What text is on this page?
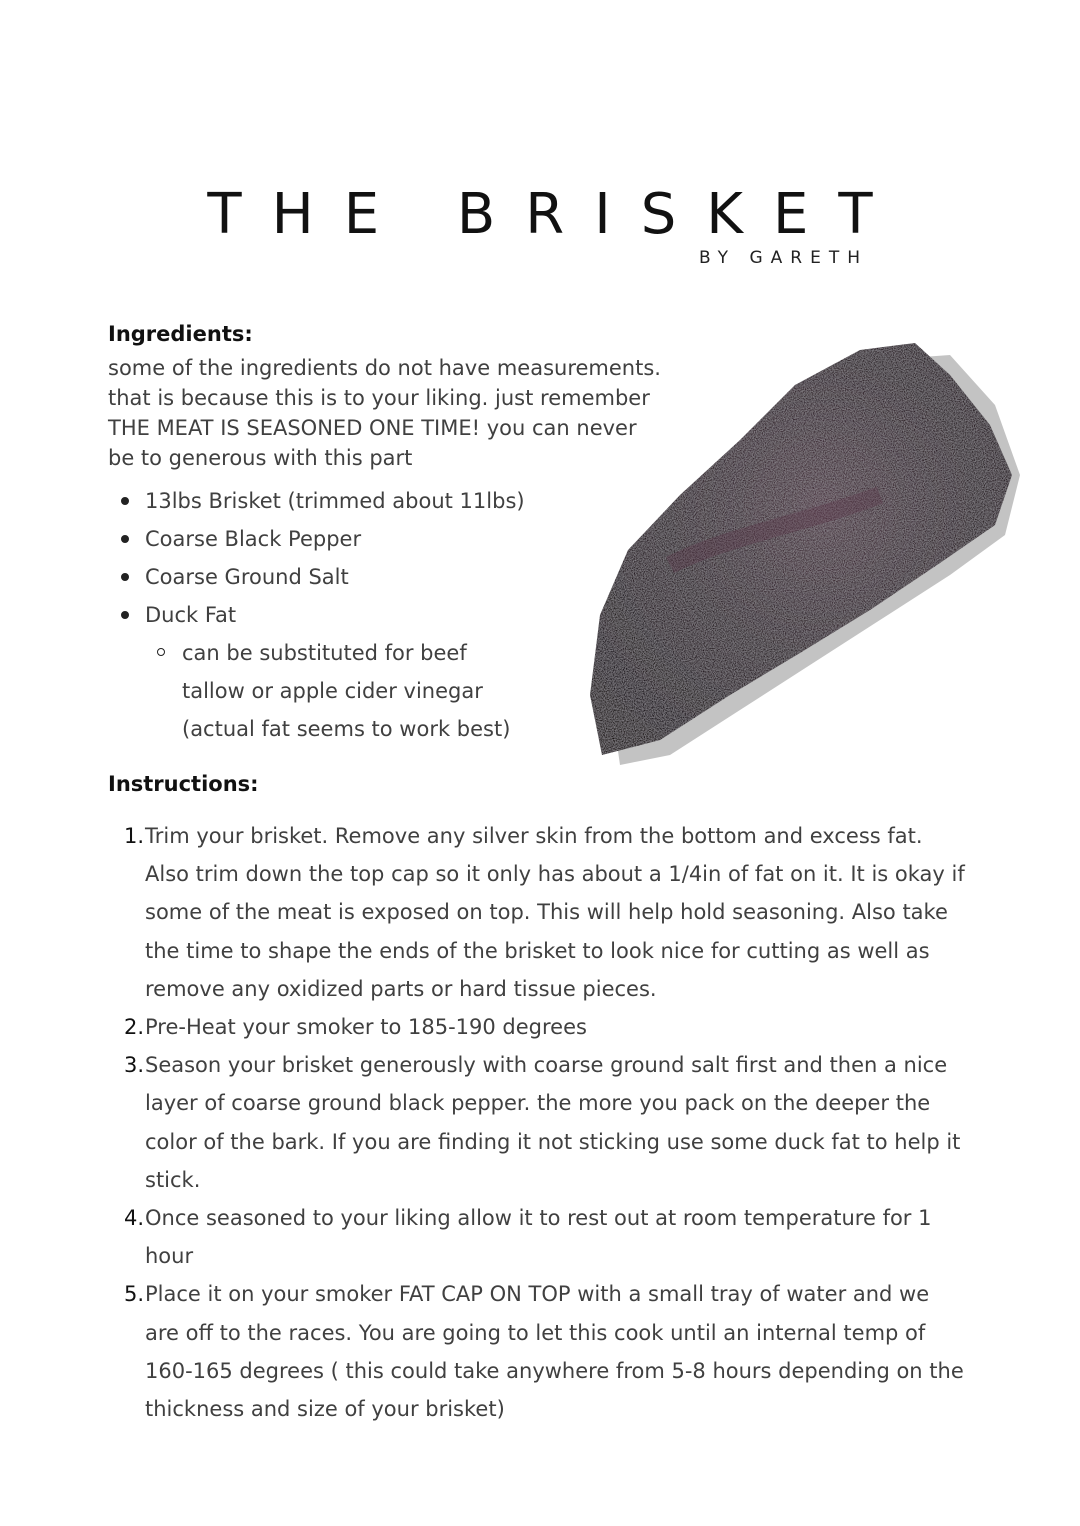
THE BRISKET
BY GARETH
Ingredients:

some of the ingredients do not have measurements. that is because this is to your liking. just remember THE MEAT IS SEASONED ONE TIME! you can never be to generous with this part

13lbs Brisket (trimmed about 11lbs)
Coarse Black Pepper
Coarse Ground Salt
Duck Fat
can be substituted for beef tallow or apple cider vinegar (actual fat seems to work best)
Instructions:
1. Trim your brisket. Remove any silver skin from the bottom and excess fat. Also trim down the top cap so it only has about a 1/4in of fat on it. It is okay if some of the meat is exposed on top. This will help hold seasoning. Also take the time to shape the ends of the brisket to look nice for cutting as well as remove any oxidized parts or hard tissue pieces.
2. Pre-Heat your smoker to 185-190 degrees
3. Season your brisket generously with coarse ground salt first and then a nice layer of coarse ground black pepper. the more you pack on the deeper the color of the bark. If you are finding it not sticking use some duck fat to help it stick.
4. Once seasoned to your liking allow it to rest out at room temperature for 1 hour
5. Place it on your smoker FAT CAP ON TOP with a small tray of water and we are off to the races. You are going to let this cook until an internal temp of 160-165 degrees ( this could take anywhere from 5-8 hours depending on the thickness and size of your brisket)
